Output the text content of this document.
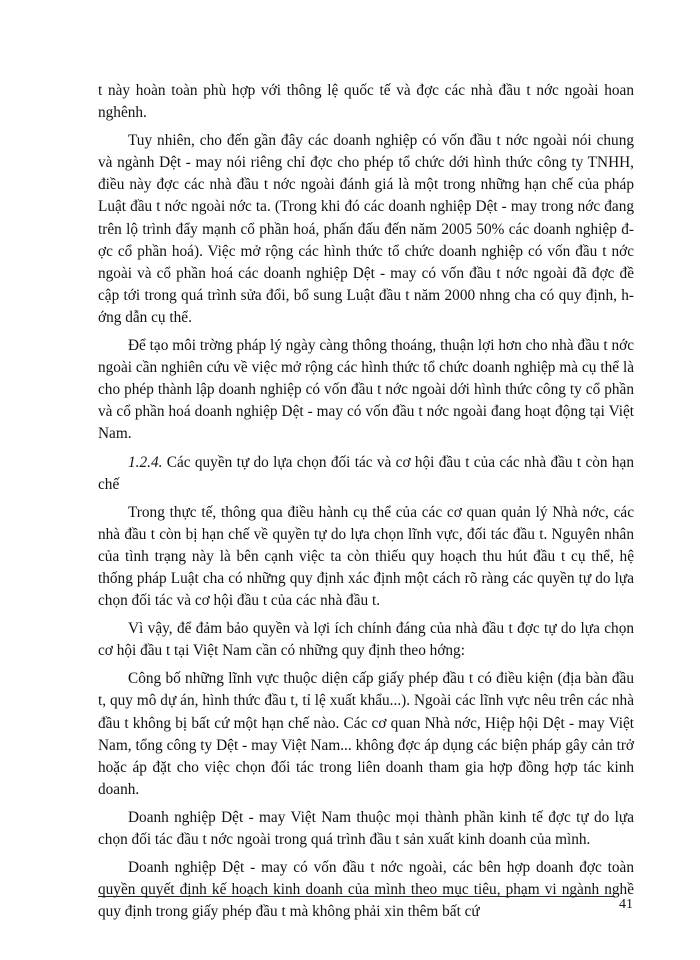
t này hoàn toàn phù hợp với thông lệ quốc tế và đợc các nhà đầu t nớc ngoài hoan nghênh.

Tuy nhiên, cho đến gần đây các doanh nghiệp có vốn đầu t nớc ngoài nói chung và ngành Dệt - may nói riêng chỉ đợc cho phép tổ chức dới hình thức công ty TNHH, điều này đợc các nhà đầu t nớc ngoài đánh giá là một trong những hạn chế của pháp Luật đầu t nớc ngoài nớc ta. (Trong khi đó các doanh nghiệp Dệt - may trong nớc đang trên lộ trình đẩy mạnh cổ phần hoá, phấn đấu đến năm 2005 50% các doanh nghiệp đợc cổ phần hoá). Việc mở rộng các hình thức tổ chức doanh nghiệp có vốn đầu t nớc ngoài và cổ phần hoá các doanh nghiệp Dệt - may có vốn đầu t nớc ngoài đã đợc đề cập tới trong quá trình sửa đổi, bổ sung Luật đầu t năm 2000 nhng cha có quy định, hớng dẫn cụ thể.

Để tạo môi trờng pháp lý ngày càng thông thoáng, thuận lợi hơn cho nhà đầu t nớc ngoài cần nghiên cứu về việc mở rộng các hình thức tổ chức doanh nghiệp mà cụ thể là cho phép thành lập doanh nghiệp có vốn đầu t nớc ngoài dới hình thức công ty cổ phần và cổ phần hoá doanh nghiệp Dệt - may có vốn đầu t nớc ngoài đang hoạt động tại Việt Nam.

1.2.4. Các quyền tự do lựa chọn đối tác và cơ hội đầu t của các nhà đầu t còn hạn chế

Trong thực tế, thông qua điều hành cụ thể của các cơ quan quản lý Nhà nớc, các nhà đầu t còn bị hạn chế về quyền tự do lựa chọn lĩnh vực, đối tác đầu t. Nguyên nhân của tình trạng này là bên cạnh việc ta còn thiếu quy hoạch thu hút đầu t cụ thể, hệ thống pháp Luật cha có những quy định xác định một cách rõ ràng các quyền tự do lựa chọn đối tác và cơ hội đầu t của các nhà đầu t.

Vì vậy, để đảm bảo quyền và lợi ích chính đáng của nhà đầu t đợc tự do lựa chọn cơ hội đầu t tại Việt Nam cần có những quy định theo hớng:

Công bố những lĩnh vực thuộc diện cấp giấy phép đầu t có điều kiện (địa bàn đầu t, quy mô dự án, hình thức đầu t, tỉ lệ xuất khẩu...). Ngoài các lĩnh vực nêu trên các nhà đầu t không bị bất cứ một hạn chế nào. Các cơ quan Nhà nớc, Hiệp hội Dệt - may Việt Nam, tổng công ty Dệt - may Việt Nam... không đợc áp dụng các biện pháp gây cản trở hoặc áp đặt cho việc chọn đối tác trong liên doanh tham gia hợp đồng hợp tác kinh doanh.

Doanh nghiệp Dệt - may Việt Nam thuộc mọi thành phần kinh tế đợc tự do lựa chọn đối tác đầu t nớc ngoài trong quá trình đầu t sản xuất kinh doanh của mình.

Doanh nghiệp Dệt - may có vốn đầu t nớc ngoài, các bên hợp doanh đợc toàn quyền quyết định kế hoạch kinh doanh của mình theo mục tiêu, phạm vi ngành nghề quy định trong giấy phép đầu t mà không phải xin thêm bất cứ	41
